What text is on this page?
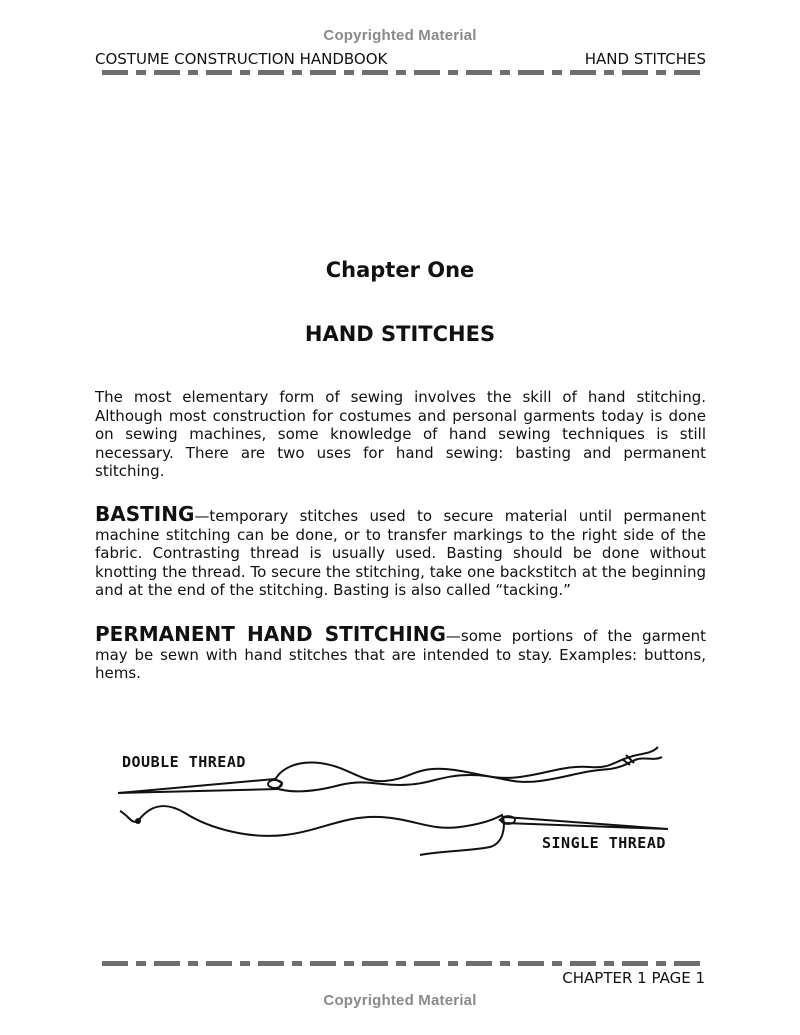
Copyrighted Material
COSTUME CONSTRUCTION HANDBOOK	HAND STITCHES
Chapter One
HAND STITCHES

The most elementary form of sewing involves the skill of hand stitching. Although most construction for costumes and personal garments today is done on sewing machines, some knowledge of hand sewing techniques is still necessary. There are two uses for hand sewing: basting and permanent stitching.

BASTING—temporary stitches used to secure material until permanent machine stitching can be done, or to transfer markings to the right side of the fabric. Contrasting thread is usually used. Basting should be done without knotting the thread. To secure the stitching, take one backstitch at the beginning and at the end of the stitching. Basting is also called “tacking.”

PERMANENT HAND STITCHING—some portions of the garment may be sewn with hand stitches that are intended to stay. Examples: buttons, hems.

DOUBLE THREAD
SINGLE THREAD
CHAPTER 1 PAGE 1
Copyrighted Material
